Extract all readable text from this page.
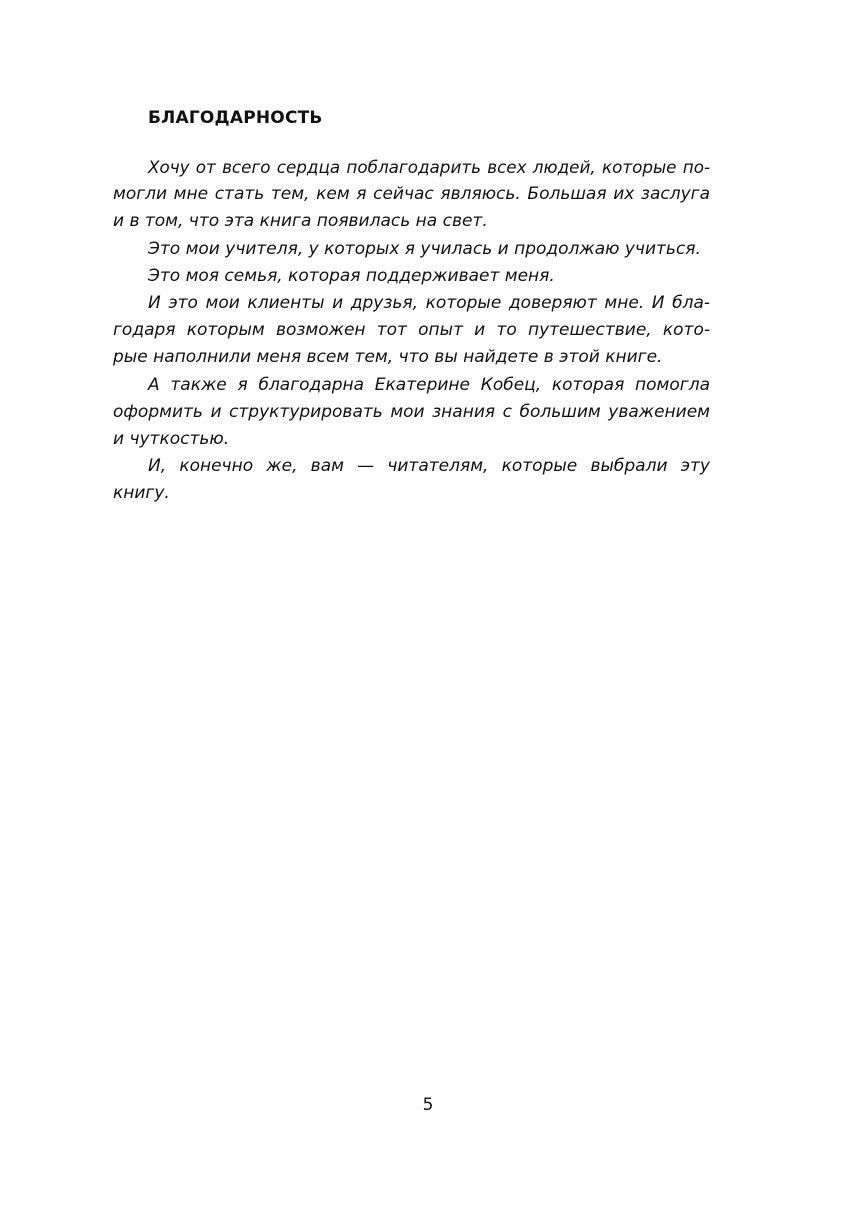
БЛАГОДАРНОСТЬ
Хочу от всего сердца поблагодарить всех людей, которые по-
могли мне стать тем, кем я сейчас являюсь. Большая их заслуга
и в том, что эта книга появилась на свет.
Это мои учителя, у которых я училась и продолжаю учиться.
Это моя семья, которая поддерживает меня.
И это мои клиенты и друзья, которые доверяют мне. И бла-
годаря которым возможен тот опыт и то путешествие, кото-
рые наполнили меня всем тем, что вы найдете в этой книге.
А также я благодарна Екатерине Кобец, которая помогла
оформить и структурировать мои знания с большим уважением
и чуткостью.
И, конечно же, вам — читателям, которые выбрали эту
книгу.
5
